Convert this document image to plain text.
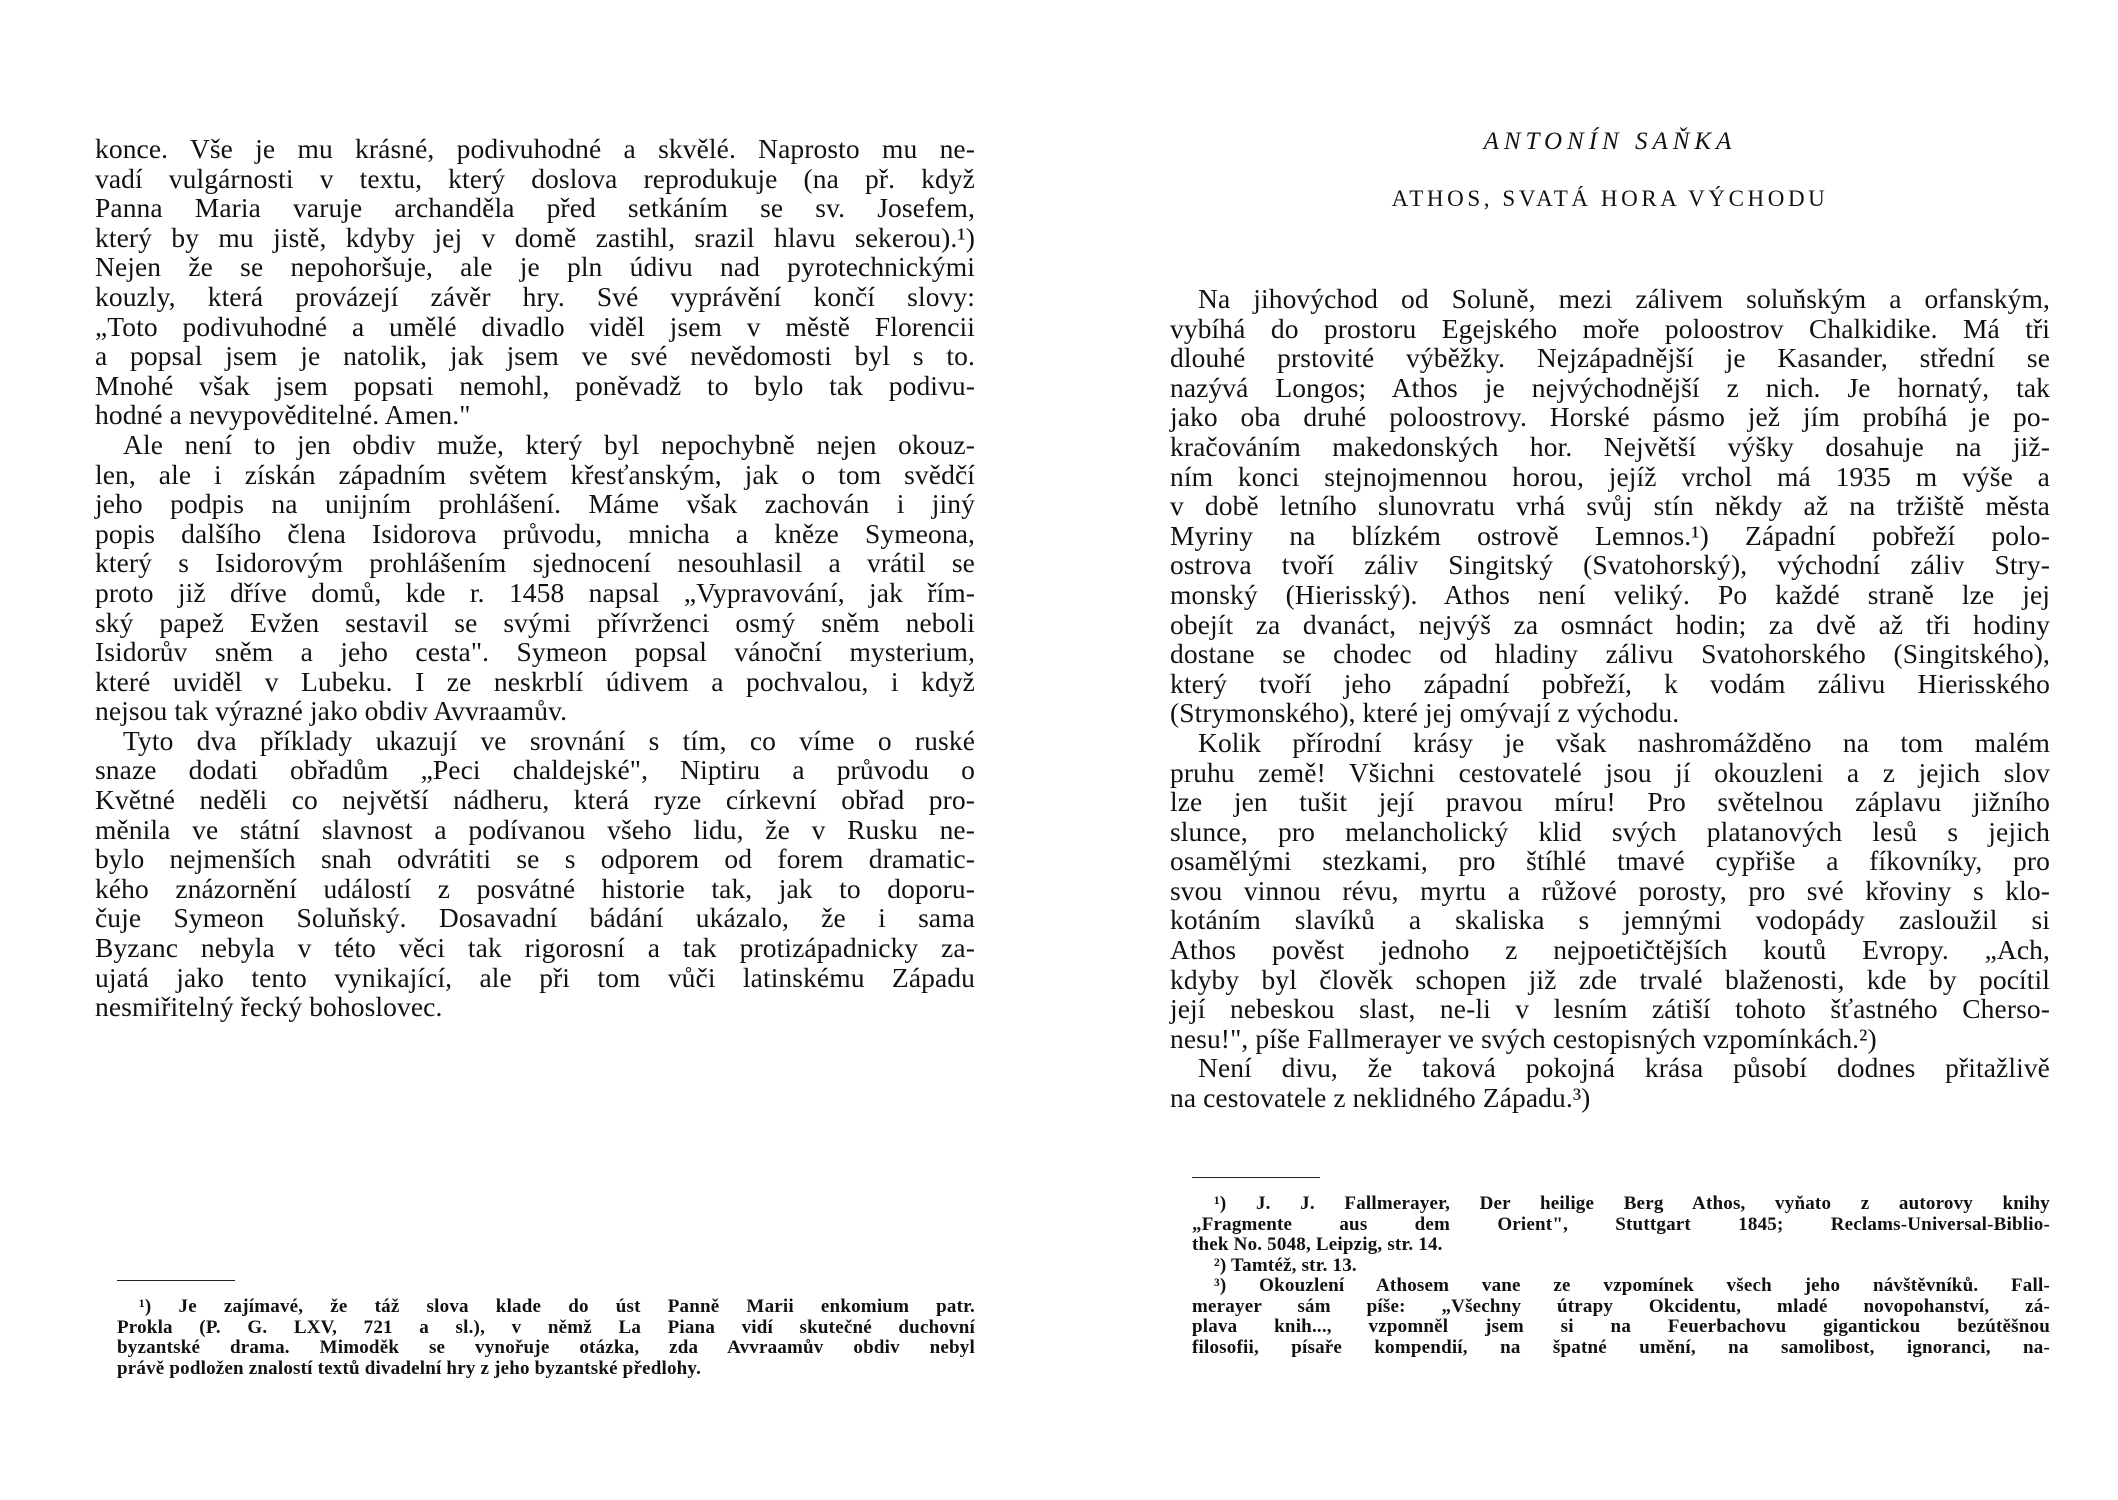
konce. Vše je mu krásné, podivuhodné a skvělé. Naprosto mu ne-
vadí vulgárnosti v textu, který doslova reprodukuje (na př. když
Panna Maria varuje archanděla před setkáním se sv. Josefem,
který by mu jistě, kdyby jej v domě zastihl, srazil hlavu sekerou).¹)
Nejen že se nepohoršuje, ale je pln údivu nad pyrotechnickými
kouzly, která provázejí závěr hry. Své vyprávění končí slovy:
„Toto podivuhodné a umělé divadlo viděl jsem v městě Florencii
a popsal jsem je natolik, jak jsem ve své nevědomosti byl s to.
Mnohé však jsem popsati nemohl, poněvadž to bylo tak podivu-
hodné a nevypověditelné. Amen."
Ale není to jen obdiv muže, který byl nepochybně nejen okouz-
len, ale i získán západním světem křesťanským, jak o tom svědčí
jeho podpis na unijním prohlášení. Máme však zachován i jiný
popis dalšího člena Isidorova průvodu, mnicha a kněze Symeona,
který s Isidorovým prohlášením sjednocení nesouhlasil a vrátil se
proto již dříve domů, kde r. 1458 napsal „Vypravování, jak řím-
ský papež Evžen sestavil se svými přívrženci osmý sněm neboli
Isidorův sněm a jeho cesta". Symeon popsal vánoční mysterium,
které uviděl v Lubeku. I ze neskrblí údivem a pochvalou, i když
nejsou tak výrazné jako obdiv Avvraamův.
Tyto dva příklady ukazují ve srovnání s tím, co víme o ruské
snaze dodati obřadům „Peci chaldejské", Niptiru a průvodu o
Květné neděli co největší nádheru, která ryze církevní obřad pro-
měnila ve státní slavnost a podívanou všeho lidu, že v Rusku ne-
bylo nejmenších snah odvrátiti se s odporem od forem dramatic-
kého znázornění událostí z posvátné historie tak, jak to doporu-
čuje Symeon Soluňský. Dosavadní bádání ukázalo, že i sama
Byzanc nebyla v této věci tak rigorosní a tak protizápadnicky za-
ujatá jako tento vynikající, ale při tom vůči latinskému Západu
nesmiřitelný řecký bohoslovec.
¹) Je zajímavé, že táž slova klade do úst Panně Marii enkomium patr.
Prokla (P. G. LXV, 721 a sl.), v němž La Piana vidí skutečné duchovní
byzantské drama. Mimoděk se vynořuje otázka, zda Avvraamův obdiv nebyl
právě podložen znalostí textů divadelní hry z jeho byzantské předlohy.
ANTONÍN SAŇKA
ATHOS, SVATÁ HORA VÝCHODU
Na jihovýchod od Soluně, mezi zálivem soluňským a orfanským,
vybíhá do prostoru Egejského moře poloostrov Chalkidike. Má tři
dlouhé prstovité výběžky. Nejzápadnější je Kasander, střední se
nazývá Longos; Athos je nejvýchodnější z nich. Je hornatý, tak
jako oba druhé poloostrovy. Horské pásmo jež jím probíhá je po-
kračováním makedonských hor. Největší výšky dosahuje na již-
ním konci stejnojmennou horou, jejíž vrchol má 1935 m výše a
v době letního slunovratu vrhá svůj stín někdy až na tržiště města
Myriny na blízkém ostrově Lemnos.¹) Západní pobřeží polo-
ostrova tvoří záliv Singitský (Svatohorský), východní záliv Stry-
monský (Hierisský). Athos není veliký. Po každé straně lze jej
obejít za dvanáct, nejvýš za osmnáct hodin; za dvě až tři hodiny
dostane se chodec od hladiny zálivu Svatohorského (Singitského),
který tvoří jeho západní pobřeží, k vodám zálivu Hierisského
(Strymonského), které jej omývají z východu.
Kolik přírodní krásy je však nashromážděno na tom malém
pruhu země! Všichni cestovatelé jsou jí okouzleni a z jejich slov
lze jen tušit její pravou míru! Pro světelnou záplavu jižního
slunce, pro melancholický klid svých platanových lesů s jejich
osamělými stezkami, pro štíhlé tmavé cypřiše a fíkovníky, pro
svou vinnou révu, myrtu a růžové porosty, pro své křoviny s klo-
kotáním slavíků a skaliska s jemnými vodopády zasloužil si
Athos pověst jednoho z nejpoetičtějších koutů Evropy. „Ach,
kdyby byl člověk schopen již zde trvalé blaženosti, kde by pocítil
její nebeskou slast, ne-li v lesním zátiší tohoto šťastného Cherso-
nesu!", píše Fallmerayer ve svých cestopisných vzpomínkách.²)
Není divu, že taková pokojná krása působí dodnes přitažlivě
na cestovatele z neklidného Západu.³)
¹) J. J. Fallmerayer, Der heilige Berg Athos, vyňato z autorovy knihy
„Fragmente aus dem Orient", Stuttgart 1845; Reclams-Universal-Biblio-
thek No. 5048, Leipzig, str. 14.
²) Tamtéž, str. 13.
³) Okouzlení Athosem vane ze vzpomínek všech jeho návštěvníků. Fall-
merayer sám píše: „Všechny útrapy Okcidentu, mladé novopohanství, zá-
plava knih..., vzpomněl jsem si na Feuerbachovu gigantickou bezútěšnou
filosofii, písaře kompendií, na špatné umění, na samolibost, ignoranci, na-
